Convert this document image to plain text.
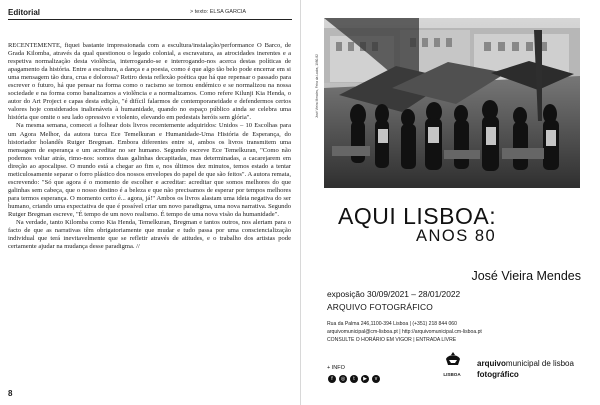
Editorial	> texto: ELSA GARCIA

RECENTEMENTE, fiquei bastante impressionada com a escultura/instalação/performance O Barco, de Grada Kilomba, através da qual questionou o legado colonial, a escravatura, as atrocidades inerentes e a respetiva normalização desta violência, interrogando-se e interrogando-nos acerca destas políticas de apagamento da história. Entre a escultura, a dança e a poesia, como é que algo tão belo pode encerrar em si uma mensagem tão dura, crua e dolorosa? Retiro desta reflexão poética que há que repensar o passado para escrever o futuro, há que pensar na forma como o racismo se tornou endémico e se normalizou na nossa sociedade e na forma como banalizamos a violência e a normalizamos. Como refere Kilunji Kia Henda, o autor do Art Project e capas desta edição, "é difícil falarmos de contemporaneidade e defendermos certos valores hoje considerados inalienáveis à humanidade, quando no espaço público ainda se celebra uma história que omite o seu lado opressivo e violento, elevando em pedestais heróis sem glória".

Na mesma semana, comecei a folhear dois livros recentemente adquiridos: Unidos – 10 Escolhas para um Agora Melhor, da autora turca Ece Temelkuran e Humanidade-Uma História de Esperança, do historiador holandês Rutger Bregman. Embora diferentes entre si, ambos os livros transmitem uma mensagem de esperança e um acreditar no ser humano. Segundo escreve Ece Temelkuran, "Como não podemos voltar atrás, rimo-nos: somos duas galinhas decapitadas, mas determinadas, a cacarejarem em direção ao apocalipse. O mundo está a chegar ao fim e, nos últimos dez minutos, temos estado a tentar meticulosamente separar o forro plástico dos nossos envelopes do papel de que são feitos". A autora remata, escrevendo: "Só que agora é o momento de escolher e acreditar: acreditar que somos melhores do que galinhas sem cabeça, que o nosso destino é a beleza e que não precisamos de esperar por tempos melhores para termos esperança. O momento certo é... agora, já!" Ambos os livros alastam uma ideia negativa do ser humano, criando uma expectativa de que é possível criar um novo paradigma, uma nova narrativa. Segundo Rutger Bregman escreve, "É tempo de um novo realismo. É tempo de uma nova visão da humanidade".

Na verdade, tanto Kilomba como Kia Henda, Temelkuran, Bregman e tantos outros, nos alertam para o facto de que as narrativas têm obrigatoriamente que mudar e tudo passa por uma consciencialização individual que terá inevitavelmente que se refletir através de atitudes, e o trabalho dos artistas pode certamente ajudar na mudança desse paradigma. //

8
José Vieira Mendes, Feira da Ladra, 1980-82
AQUI LISBOA:
ANOS 80
José Vieira Mendes
exposição 30/09/2021 – 28/01/2022
ARQUIVO FOTOGRÁFICO
Rua da Palma 246,1100-394 Lisboa | (+351) 218 844 060
arquivomunicipal@cm-lisboa.pt | http://arquivomunicipal.cm-lisboa.pt
CONSULTE O HORÁRIO EM VIGOR | ENTRADA LIVRE
+ INFO
f	◎	t	▶	v
LISBOA
arquivomunicipal de lisboa
fotográfico
